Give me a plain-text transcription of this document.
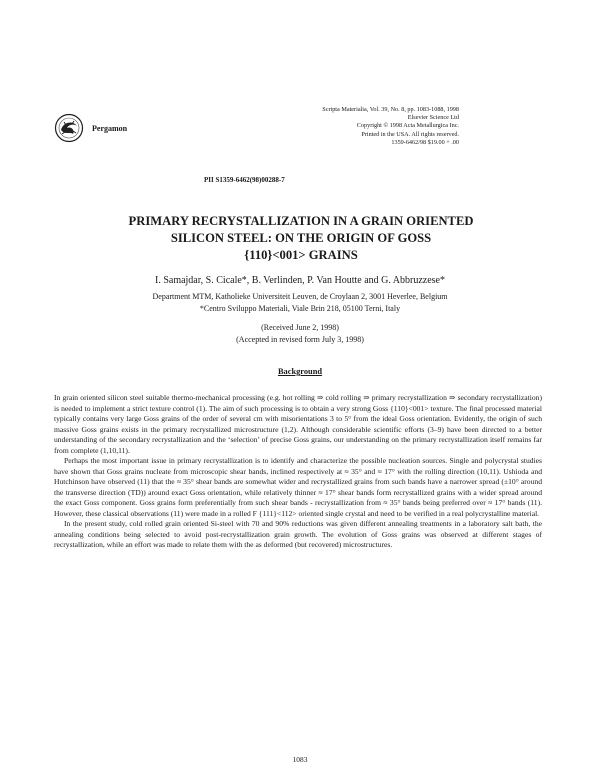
Pergamon
Scripta Materialia, Vol. 39, No. 8, pp. 1083-1088, 1998
Elsevier Science Ltd
Copyright © 1998 Acta Metallurgica Inc.
Printed in the USA. All rights reserved.
1359-6462/98 $19.00 + .00
PII S1359-6462(98)00288-7
PRIMARY RECRYSTALLIZATION IN A GRAIN ORIENTED
SILICON STEEL: ON THE ORIGIN OF GOSS
{110}<001> GRAINS
I. Samajdar, S. Cicale*, B. Verlinden, P. Van Houtte and G. Abbruzzese*
Department MTM, Katholieke Universiteit Leuven, de Croylaan 2, 3001 Heverlee, Belgium
*Centro Sviluppo Materiali, Viale Brin 218, 05100 Terni, Italy
(Received June 2, 1998)
(Accepted in revised form July 3, 1998)
Background

In grain oriented silicon steel suitable thermo-mechanical processing (e.g. hot rolling ⇒ cold rolling ⇒ primary recrystallization ⇒ secondary recrystallization) is needed to implement a strict texture control (1). The aim of such processing is to obtain a very strong Goss {110}<001> texture. The final processed material typically contains very large Goss grains of the order of several cm with misorientations 3 to 5° from the ideal Goss orientation. Evidently, the origin of such massive Goss grains exists in the primary recrystallized microstructure (1,2). Although considerable scientific efforts (3–9) have been directed to a better understanding of the secondary recrystallization and the ‘selection’ of precise Goss grains, our understanding on the primary recrystallization itself remains far from complete (1,10,11).

Perhaps the most important issue in primary recrystallization is to identify and characterize the possible nucleation sources. Single and polycrystal studies have shown that Goss grains nucleate from microscopic shear bands, inclined respectively at ≈ 35° and ≈ 17° with the rolling direction (10,11). Ushioda and Hutchinson have observed (11) that the ≈ 35° shear bands are somewhat wider and recrystallized grains from such bands have a narrower spread (±10° around the transverse direction (TD)) around exact Goss orientation, while relatively thinner ≈ 17° shear bands form recrystallized grains with a wider spread around the exact Goss component. Goss grains form preferentially from such shear bands - recrystallization from ≈ 35° bands being preferred over ≈ 17° bands (11). However, these classical observations (11) were made in a rolled F {111}<112> oriented single crystal and need to be verified in a real polycrystalline material.

In the present study, cold rolled grain oriented Si-steel with 70 and 90% reductions was given different annealing treatments in a laboratory salt bath, the annealing conditions being selected to avoid post-recrystallization grain growth. The evolution of Goss grains was observed at different stages of recrystallization, while an effort was made to relate them with the as deformed (but recovered) microstructures.

1083
